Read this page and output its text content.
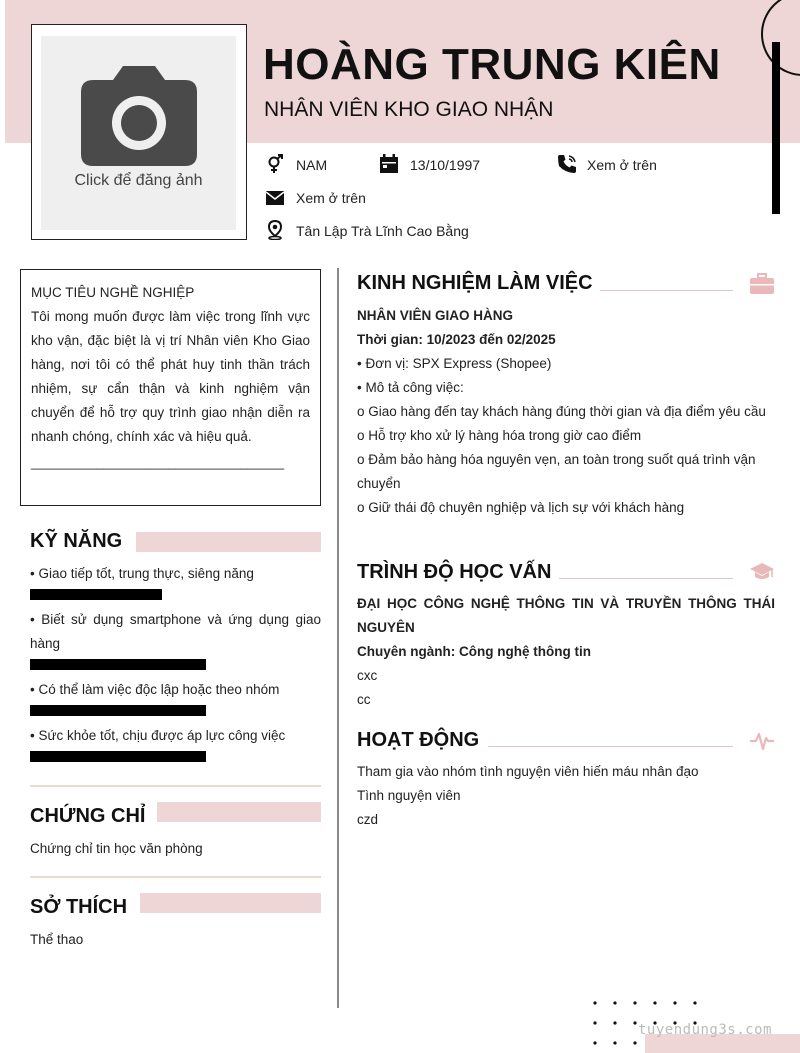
Click để đăng ảnh
HOÀNG TRUNG KIÊN
NHÂN VIÊN KHO GIAO NHẬN
NAM	13/10/1997	Xem ở trên
Xem ở trên
Tân Lập Trà Lĩnh Cao Bằng
MỤC TIÊU NGHỀ NGHIỆP
Tôi mong muốn được làm việc trong lĩnh vực kho vận, đặc biệt là vị trí Nhân viên Kho Giao hàng, nơi tôi có thể phát huy tinh thần trách nhiệm, sự cẩn thận và kinh nghiệm vận chuyển để hỗ trợ quy trình giao nhận diễn ra nhanh chóng, chính xác và hiệu quả.
___________________________________
KỸ NĂNG
• Giao tiếp tốt, trung thực, siêng năng
• Biết sử dụng smartphone và ứng dụng giao hàng
• Có thể làm việc độc lập hoặc theo nhóm
• Sức khỏe tốt, chịu được áp lực công việc
CHỨNG CHỈ
Chứng chỉ tin học văn phòng
SỞ THÍCH
Thể thao
KINH NGHIỆM LÀM VIỆC
NHÂN VIÊN GIAO HÀNG
Thời gian: 10/2023 đến 02/2025
• Đơn vị: SPX Express (Shopee)
• Mô tả công việc:
o Giao hàng đến tay khách hàng đúng thời gian và địa điểm yêu cầu
o Hỗ trợ kho xử lý hàng hóa trong giờ cao điểm
o Đảm bảo hàng hóa nguyên vẹn, an toàn trong suốt quá trình vận chuyển
o Giữ thái độ chuyên nghiệp và lịch sự với khách hàng
TRÌNH ĐỘ HỌC VẤN
ĐẠI HỌC CÔNG NGHỆ THÔNG TIN VÀ TRUYỀN THÔNG THÁI NGUYÊN
Chuyên ngành: Công nghệ thông tin
cxc
cc
HOẠT ĐỘNG
Tham gia vào nhóm tình nguyện viên hiến máu nhân đạo
Tình nguyện viên
czd
tuyendung3s.com
